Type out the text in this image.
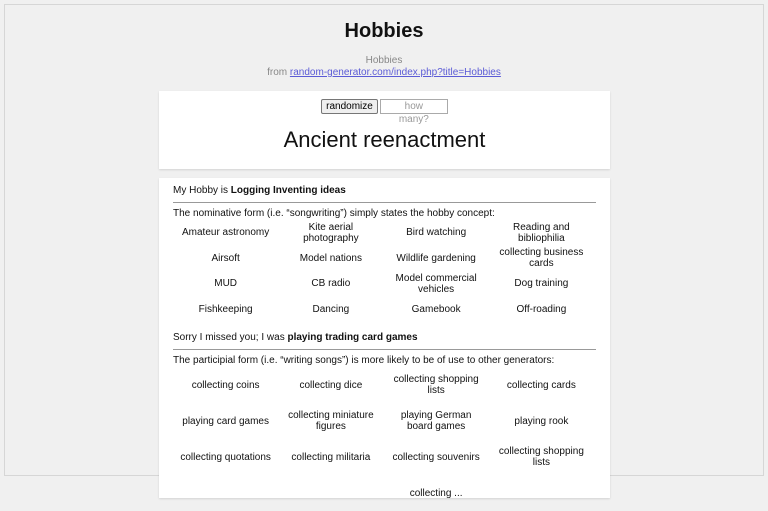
Hobbies
Hobbies
from random-generator.com/index.php?title=Hobbies
randomize	how many?
Ancient reenactment
My Hobby is Logging Inventing ideas
The nominative form (i.e. “songwriting”) simply states the hobby concept:
Amateur astronomy	Kite aerial photography	Bird watching	Reading and bibliophilia
Airsoft	Model nations	Wildlife gardening	collecting business cards
MUD	CB radio	Model commercial vehicles	Dog training
Fishkeeping	Dancing	Gamebook	Off-roading
Sorry I missed you; I was playing trading card games
The participial form (i.e. “writing songs”) is more likely to be of use to other generators:
collecting coins	collecting dice	collecting shopping lists	collecting cards
playing card games	collecting miniature figures	playing German board games	playing rook
collecting quotations	collecting militaria	collecting souvenirs	collecting shopping lists
		collecting ...	
